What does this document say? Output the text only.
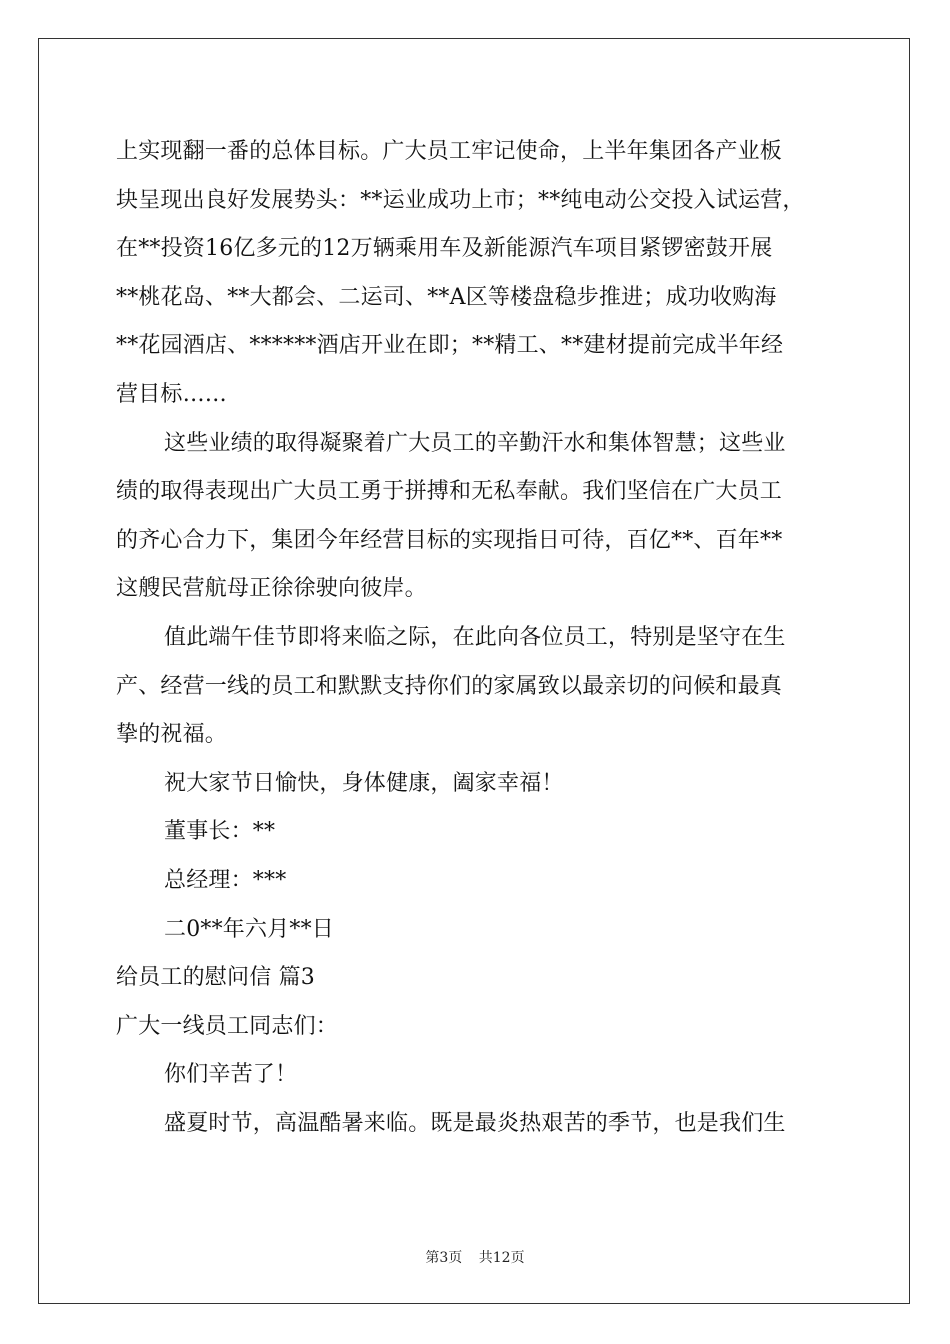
上实现翻一番的总体目标。广大员工牢记使命，上半年集团各产业板
块呈现出良好发展势头：**运业成功上市；**纯电动公交投入试运营，
在**投资16亿多元的12万辆乘用车及新能源汽车项目紧锣密鼓开展
**桃花岛、**大都会、二运司、**A区等楼盘稳步推进；成功收购海
**花园酒店、******酒店开业在即；**精工、**建材提前完成半年经
营目标……
这些业绩的取得凝聚着广大员工的辛勤汗水和集体智慧；这些业
绩的取得表现出广大员工勇于拼搏和无私奉献。我们坚信在广大员工
的齐心合力下，集团今年经营目标的实现指日可待，百亿**、百年**
这艘民营航母正徐徐驶向彼岸。
值此端午佳节即将来临之际，在此向各位员工，特别是坚守在生
产、经营一线的员工和默默支持你们的家属致以最亲切的问候和最真
挚的祝福。
祝大家节日愉快，身体健康，阖家幸福！
董事长：**
总经理：***
二0**年六月**日
给员工的慰问信 篇3
广大一线员工同志们：
你们辛苦了！
盛夏时节，高温酷暑来临。既是最炎热艰苦的季节，也是我们生
第3页 共12页
